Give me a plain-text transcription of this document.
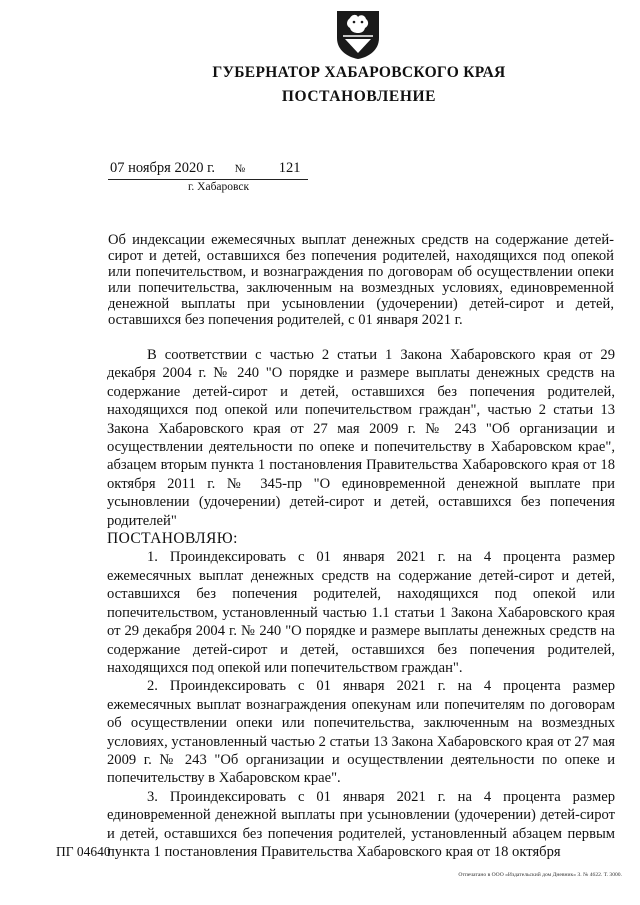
ГУБЕРНАТОР ХАБАРОВСКОГО КРАЯ
ПОСТАНОВЛЕНИЕ
07 ноября 2020 г. № 121
г. Хабаровск
Об индексации ежемесячных выплат денежных средств на содержание детей-сирот и детей, оставшихся без попечения родителей, находящихся под опекой или попечительством, и вознаграждения по договорам об осуществлении опеки или попечительства, заключенным на возмездных условиях, единовременной денежной выплаты при усыновлении (удочерении) детей-сирот и детей, оставшихся без попечения родителей, с 01 января 2021 г.

В соответствии с частью 2 статьи 1 Закона Хабаровского края от 29 декабря 2004 г. № 240 "О порядке и размере выплаты денежных средств на содержание детей-сирот и детей, оставшихся без попечения родителей, находящихся под опекой или попечительством граждан", частью 2 статьи 13 Закона Хабаровского края от 27 мая 2009 г. № 243 "Об организации и осуществлении деятельности по опеке и попечительству в Хабаровском крае", абзацем вторым пункта 1 постановления Правительства Хабаровского края от 18 октября 2011 г. № 345-пр "О единовременной денежной выплате при усыновлении (удочерении) детей-сирот и детей, оставшихся без попечения родителей"

ПОСТАНОВЛЯЮ:

1. Проиндексировать с 01 января 2021 г. на 4 процента размер ежемесячных выплат денежных средств на содержание детей-сирот и детей, оставшихся без попечения родителей, находящихся под опекой или попечительством, установленный частью 1.1 статьи 1 Закона Хабаровского края от 29 декабря 2004 г. № 240 "О порядке и размере выплаты денежных средств на содержание детей-сирот и детей, оставшихся без попечения родителей, находящихся под опекой или попечительством граждан".

2. Проиндексировать с 01 января 2021 г. на 4 процента размер ежемесячных выплат вознаграждения опекунам или попечителям по договорам об осуществлении опеки или попечительства, заключенным на возмездных условиях, установленный частью 2 статьи 13 Закона Хабаровского края от 27 мая 2009 г. № 243 "Об организации и осуществлении деятельности по опеке и попечительству в Хабаровском крае".

3. Проиндексировать с 01 января 2021 г. на 4 процента размер единовременной денежной выплаты при усыновлении (удочерении) детей-сирот и детей, оставшихся без попечения родителей, установленный абзацем первым пункта 1 постановления Правительства Хабаровского края от 18 октября

ПГ 04640
Отпечатано в ООО «Издательский дом Дневник» З. № 4622. Т. 3000.
